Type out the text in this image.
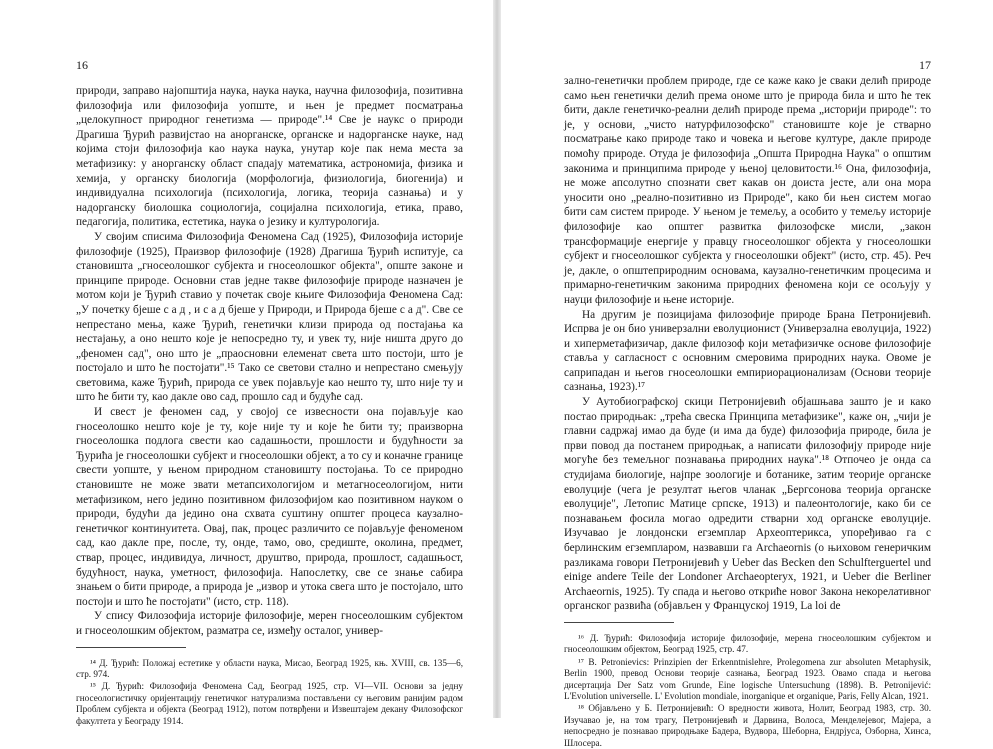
16

природи, заправо најопштија наука, наука наука, научна филозофија, позитивна филозофија или филозофија уопште, и њен је предмет посматрања „целокупност природног генетизма — природе".¹⁴ Све је наукс о природи Драгиша Ђурић развијстао на анорганске, органске и надорганске науке, над којима стоји филозофија као наука наука, унутар које пак нема места за метафизику: у анорганску област спадају математика, астрономија, физика и хемија, у органску биологија (морфологија, физиологија, биогенија) и индивидуална психологија (психологија, логика, теорија сазнања) и у надорганску биолошка социологија, социјална психологија, етика, право, педагогија, политика, естетика, наука о језику и културологија.

У својим списима Филозофија Феномена Сад (1925), Филозофија историје филозофије (1925), Праизвор филозофије (1928) Драгиша Ђурић испитује, са становишта „гносеолошког субјекта и гносеолошког објекта", опште законе и принципе природе. Основни став једне такве филозофије природе назначен је мотом који је Ђурић ставио у почетак своје књиге Филозофија Феномена Сад: „У почетку бјеше с а д , и с а д бјеше у Природи, и Природа бјеше с а д". Све се непрестано мења, каже Ђурић, генетички клизи природа од постајања ка нестајању, а оно нешто које је непосредно ту, и увек ту, није ништа друго до „феномен сад", оно што је „праосновни елеменат света што постоји, што је постојало и што ће постојати".¹⁵ Тако се светови стално и непрестано смењују световима, каже Ђурић, природа се увек појављује као нешто ту, што није ту и што ће бити ту, као дакле ово сад, прошло сад и будуће сад.

И свест је феномен сад, у својој се извесности она појављује као гносеолошко нешто које је ту, које није ту и које ће бити ту; праизворна гносеолошка подлога свести као садашњости, прошлости и будућности за Ђурића је гносеолошки субјект и гносеолошки објект, а то су и коначне границе свести уопште, у њеном природном становишту постојања. То се природно становиште не може звати метапсихологијом и метагносеологијом, нити метафизиком, него једино позитивном филозофијом као позитивном науком о природи, будући да једино она схвата суштину општег процеса каузално-генетичког континуитета. Овај, пак, процес различито се појављује феноменом сад, као дакле пре, после, ту, онде, тамо, ово, средиште, околина, предмет, ствар, процес, индивидуа, личност, друштво, природа, прошлост, садашњост, будућност, наука, уметност, филозофија. Напослетку, све се знање сабира знањем о бити природе, а природа је „извор и утока свега што је постојало, што постоји и што ће постојати" (исто, стр. 118).

У спису Филозофија историје филозофије, мерен гносеолошким субјектом и гносеолошким објектом, разматра се, између осталог, универ-

¹⁴ Д. Ђурић: Положај естетике у области наука, Мисао, Београд 1925, књ. XVIII, св. 135—6, стр. 974.

¹⁵ Д. Ђурић: Филозофија Феномена Сад, Београд 1925, стр. VI—VII. Основи за једну гносеологистичку оријентацију генетичког натурализма постављени су његовим ранијим радом Проблем субјекта и објекта (Београд 1912), потом потврђени и Извештајем декану Филозофског факултета у Београду 1914.

17

зално-генетички проблем природе, где се каже како је сваки делић природе само њен генетички делић према ономе што је природа била и што ће тек бити, дакле генетичко-реални делић природе према „историји природе": то је, у основи, „чисто натурфилозофско" становиште које је стварно посматрање како природе тако и човека и његове културе, дакле природе помоћу природе. Отуда је филозофија „Општа Природна Наука" о општим законима и принципима природе у њеној целовитости.¹⁶ Она, филозофија, не може апсолутно спознати свет какав он доиста јесте, али она мора уносити оно „реално-позитивно из Природе", како би њен систем могао бити сам систем природе. У њеном је темељу, а особито у темељу историје филозофије као општег развитка филозофске мисли, „закон трансформације енергије у правцу гносеолошког објекта у гносеолошки субјект и гносеолошког субјекта у гносеолошки објект" (исто, стр. 45). Реч је, дакле, о општеприродним основама, каузално-генетичким процесима и примарно-генетичким законима природних феномена који се осољују у науци филозофије и њене историје.

На другим је позицијама филозофије природе Брана Петронијевић. Испрва је он био универзални еволуционист (Универзална еволуција, 1922) и хиперметафизичар, дакле филозоф који метафизичке основе филозофије ставља у сагласност с основним смеровима природних наука. Овоме је саприпадан и његов гносеолошки емпириорационализам (Основи теорије сазнања, 1923).¹⁷

У Аутобиографској скици Петронијевић објашњава зашто је и како постао природњак: „трећа свеска Принципа метафизике", каже он, „чији је главни садржај имао да буде (и има да буде) филозофија природе, била је први повод да постанем природњак, а написати филозофију природе није могуће без темељног познавања природних наука".¹⁸ Отпочео је онда са студијама биологије, најпре зоологије и ботанике, затим теорије органске еволуције (чега је резултат његов чланак „Бергсонова теорија органске еволуције", Летопис Матице српске, 1913) и палеонтологије, како би се познавањем фосила могао одредити стварни ход органске еволуције. Изучавао је лондонски егземплар Археоптерикса, упоређивао га с берлинским егземпларом, назвавши га Archaeornis (о њиховом генеричким разликама говори Петронијевић у Ueber das Becken den Schulfterguertel und einige andere Teile der Londoner Archaeopteryx, 1921, и Ueber die Berliner Archaeornis, 1925). Ту спада и његово откриће новог Закона некорелативног органског развића (објављен у Француској 1919, La loi de

¹⁶ Д. Ђурић: Филозофија историје филозофије, мерена гносеолошким субјектом и гносеолошким објектом, Београд 1925, стр. 47.

¹⁷ B. Petronievics: Prinzipien der Erkenntnislehre, Prolegomena zur absoluten Metaphysik, Berlin 1900, превод Основи теорије сазнања, Београд 1923. Овамо спада и његова дисертација Der Satz vom Grunde, Eine logische Untersuchung (1898). B. Petronijević: L'Evolution universelle. L' Evolution mondiale, inorganique et organique, Paris, Felly Alcan, 1921.

¹⁸ Објављено у Б. Петронијевић: О вредности живота, Нолит, Београд 1983, стр. 30. Изучавао је, на том трагу, Петронијевић и Дарвина, Волоса, Менделејевог, Мајера, а непосредно је познавао природњаке Бадера, Вудвора, Шеборна, Ендрјуса, Озборна, Хинса, Шлосера.
